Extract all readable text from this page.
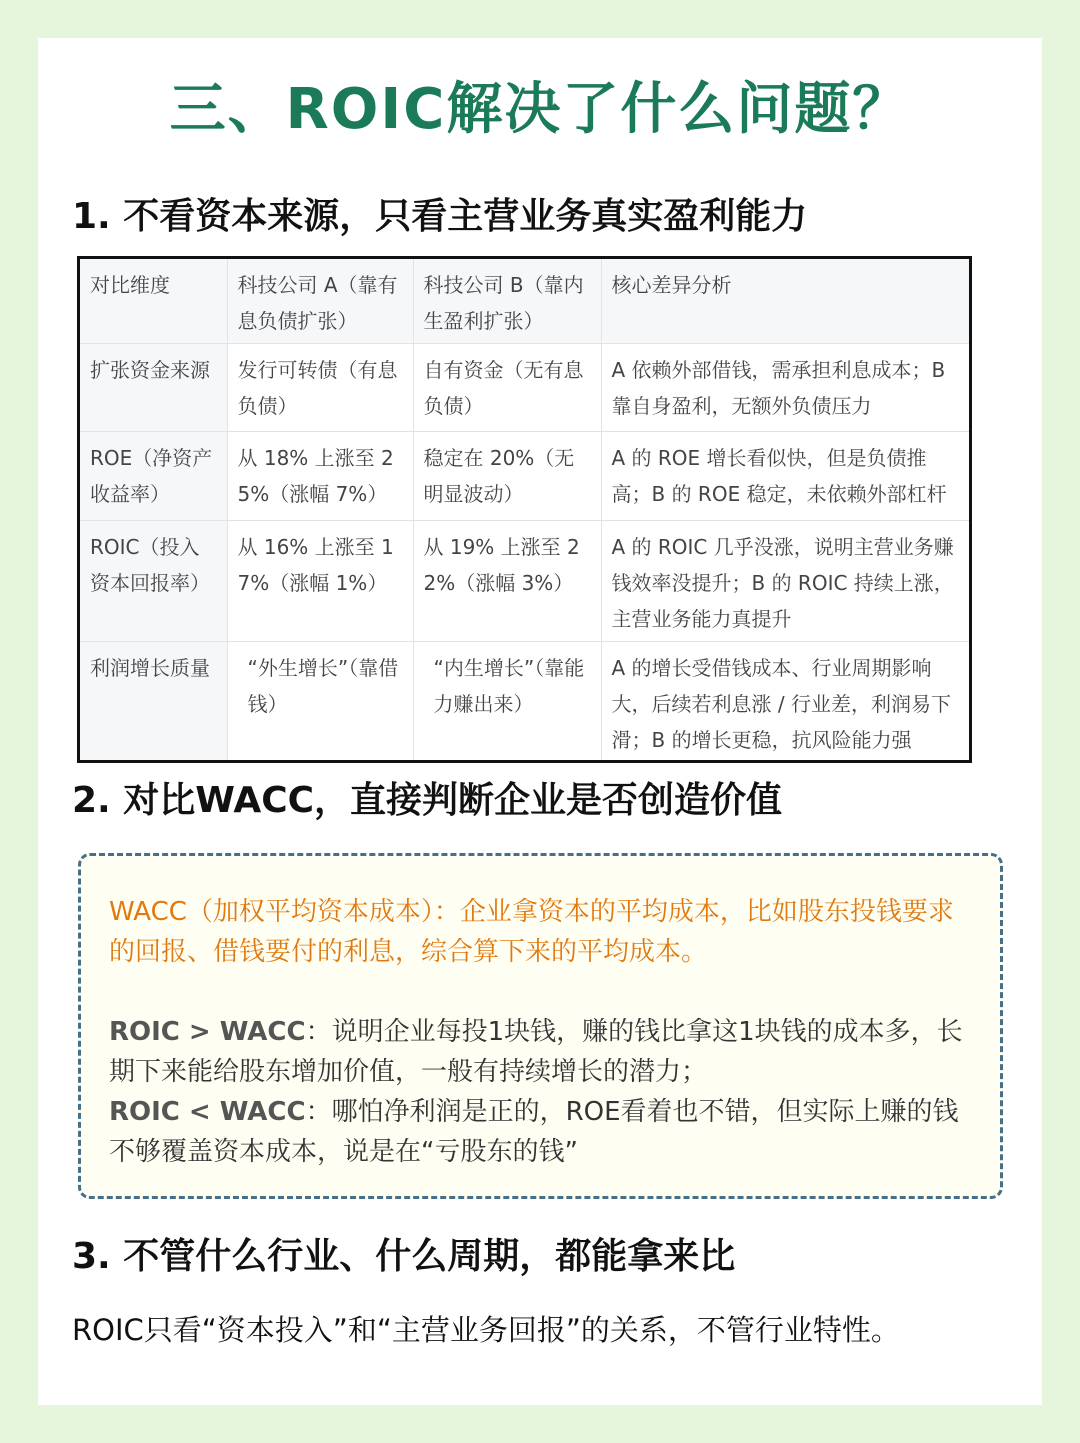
三、ROIC解决了什么问题？
1. 不看资本来源，只看主营业务真实盈利能力
对比维度	科技公司 A（靠有息负债扩张）	科技公司 B（靠内生盈利扩张）	核心差异分析
扩张资金来源	发行可转债（有息负债）	自有资金（无有息负债）	A 依赖外部借钱，需承担利息成本；B 靠自身盈利，无额外负债压力
ROE（净资产收益率）	从 18% 上涨至 25%（涨幅 7%）	稳定在 20%（无明显波动）	A 的 ROE 增长看似快，但是负债推高；B 的 ROE 稳定，未依赖外部杠杆
ROIC（投入资本回报率）	从 16% 上涨至 17%（涨幅 1%）	从 19% 上涨至 22%（涨幅 3%）	A 的 ROIC 几乎没涨，说明主营业务赚钱效率没提升；B 的 ROIC 持续上涨，主营业务能力真提升
利润增长质量	“外生增长”（靠借钱）	“内生增长”（靠能力赚出来）	A 的增长受借钱成本、行业周期影响大，后续若利息涨 / 行业差，利润易下滑；B 的增长更稳，抗风险能力强
2. 对比WACC，直接判断企业是否创造价值
WACC（加权平均资本成本）：企业拿资本的平均成本，比如股东投钱要求的回报、借钱要付的利息，综合算下来的平均成本。
ROIC > WACC：说明企业每投1块钱，赚的钱比拿这1块钱的成本多，长期下来能给股东增加价值，一般有持续增长的潜力；
ROIC < WACC：哪怕净利润是正的，ROE看着也不错，但实际上赚的钱不够覆盖资本成本，说是在“亏股东的钱”
3. 不管什么行业、什么周期，都能拿来比
ROIC只看“资本投入”和“主营业务回报”的关系，不管行业特性。
